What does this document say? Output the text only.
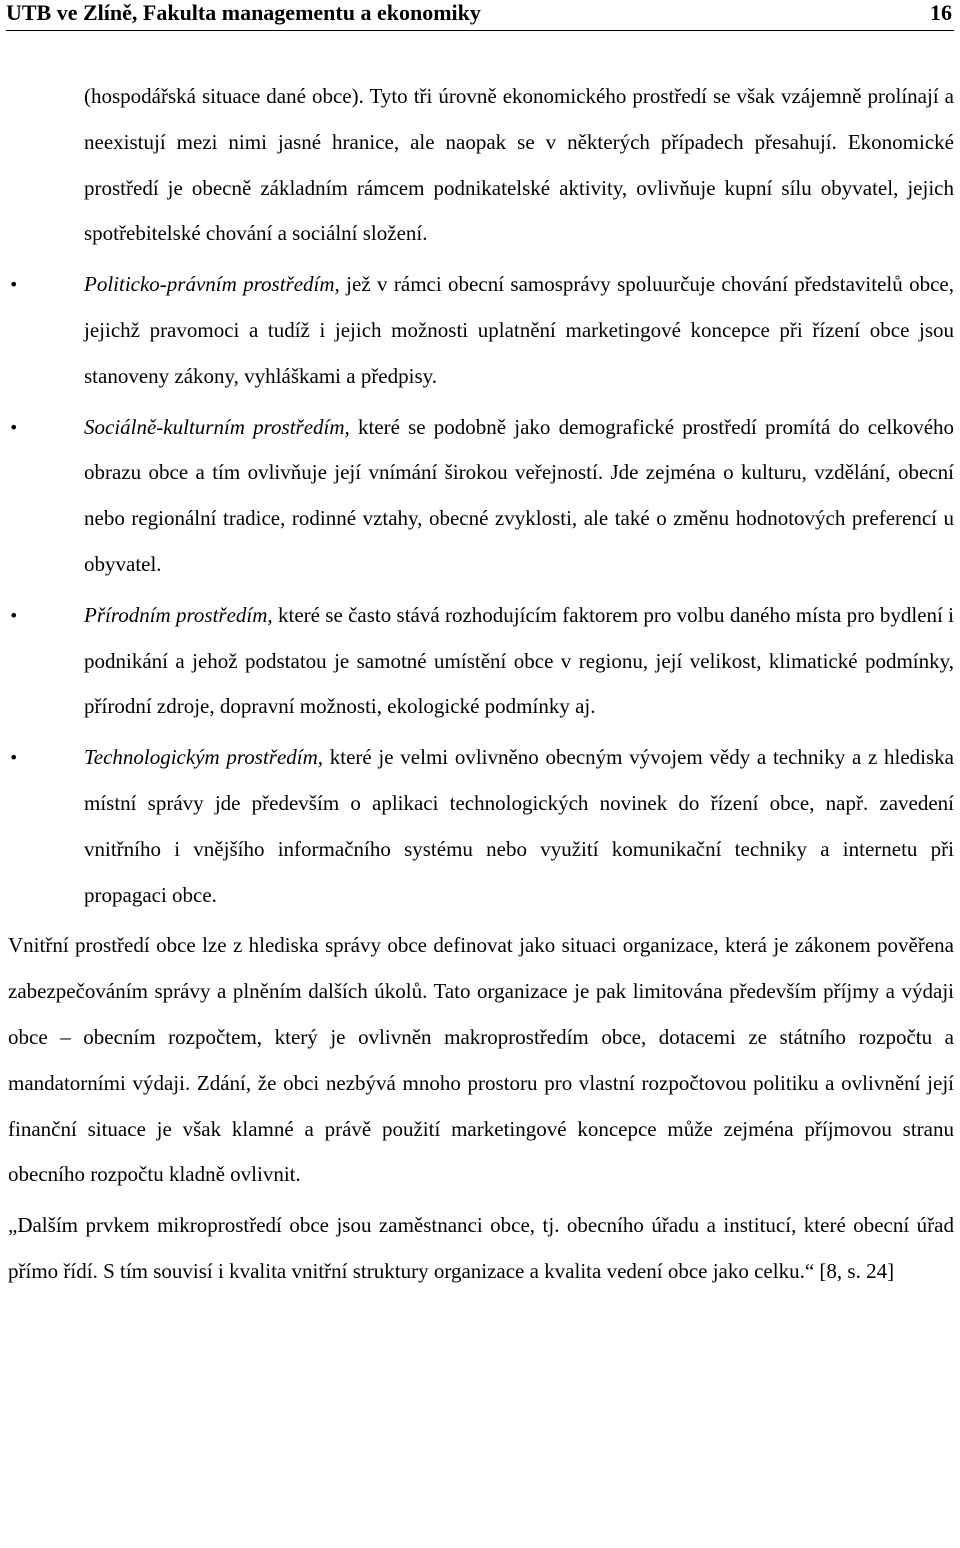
UTB ve Zlíně, Fakulta managementu a ekonomiky	16

(hospodářská situace dané obce). Tyto tři úrovně ekonomického prostředí se však vzájemně prolínají a neexistují mezi nimi jasné hranice, ale naopak se v některých případech přesahují. Ekonomické prostředí je obecně základním rámcem podnikatelské aktivity, ovlivňuje kupní sílu obyvatel, jejich spotřebitelské chování a sociální složení.

•	Politicko-právním prostředím, jež v rámci obecní samosprávy spoluurčuje chování představitelů obce, jejichž pravomoci a tudíž i jejich možnosti uplatnění marketingové koncepce při řízení obce jsou stanoveny zákony, vyhláškami a předpisy.
•	Sociálně-kulturním prostředím, které se podobně jako demografické prostředí promítá do celkového obrazu obce a tím ovlivňuje její vnímání širokou veřejností. Jde zejména o kulturu, vzdělání, obecní nebo regionální tradice, rodinné vztahy, obecné zvyklosti, ale také o změnu hodnotových preferencí u obyvatel.
•	Přírodním prostředím, které se často stává rozhodujícím faktorem pro volbu daného místa pro bydlení i podnikání a jehož podstatou je samotné umístění obce v regionu, její velikost, klimatické podmínky, přírodní zdroje, dopravní možnosti, ekologické podmínky aj.
•	Technologickým prostředím, které je velmi ovlivněno obecným vývojem vědy a techniky a z hlediska místní správy jde především o aplikaci technologických novinek do řízení obce, např. zavedení vnitřního i vnějšího informačního systému nebo využití komunikační techniky a internetu při propagaci obce.

Vnitřní prostředí obce lze z hlediska správy obce definovat jako situaci organizace, která je zákonem pověřena zabezpečováním správy a plněním dalších úkolů. Tato organizace je pak limitována především příjmy a výdaji obce – obecním rozpočtem, který je ovlivněn makroprostředím obce, dotacemi ze státního rozpočtu a mandatorními výdaji. Zdání, že obci nezbývá mnoho prostoru pro vlastní rozpočtovou politiku a ovlivnění její finanční situace je však klamné a právě použití marketingové koncepce může zejména příjmovou stranu obecního rozpočtu kladně ovlivnit.

„Dalším prvkem mikroprostředí obce jsou zaměstnanci obce, tj. obecního úřadu a institucí, které obecní úřad přímo řídí. S tím souvisí i kvalita vnitřní struktury organizace a kvalita vedení obce jako celku.“ [8, s. 24]
